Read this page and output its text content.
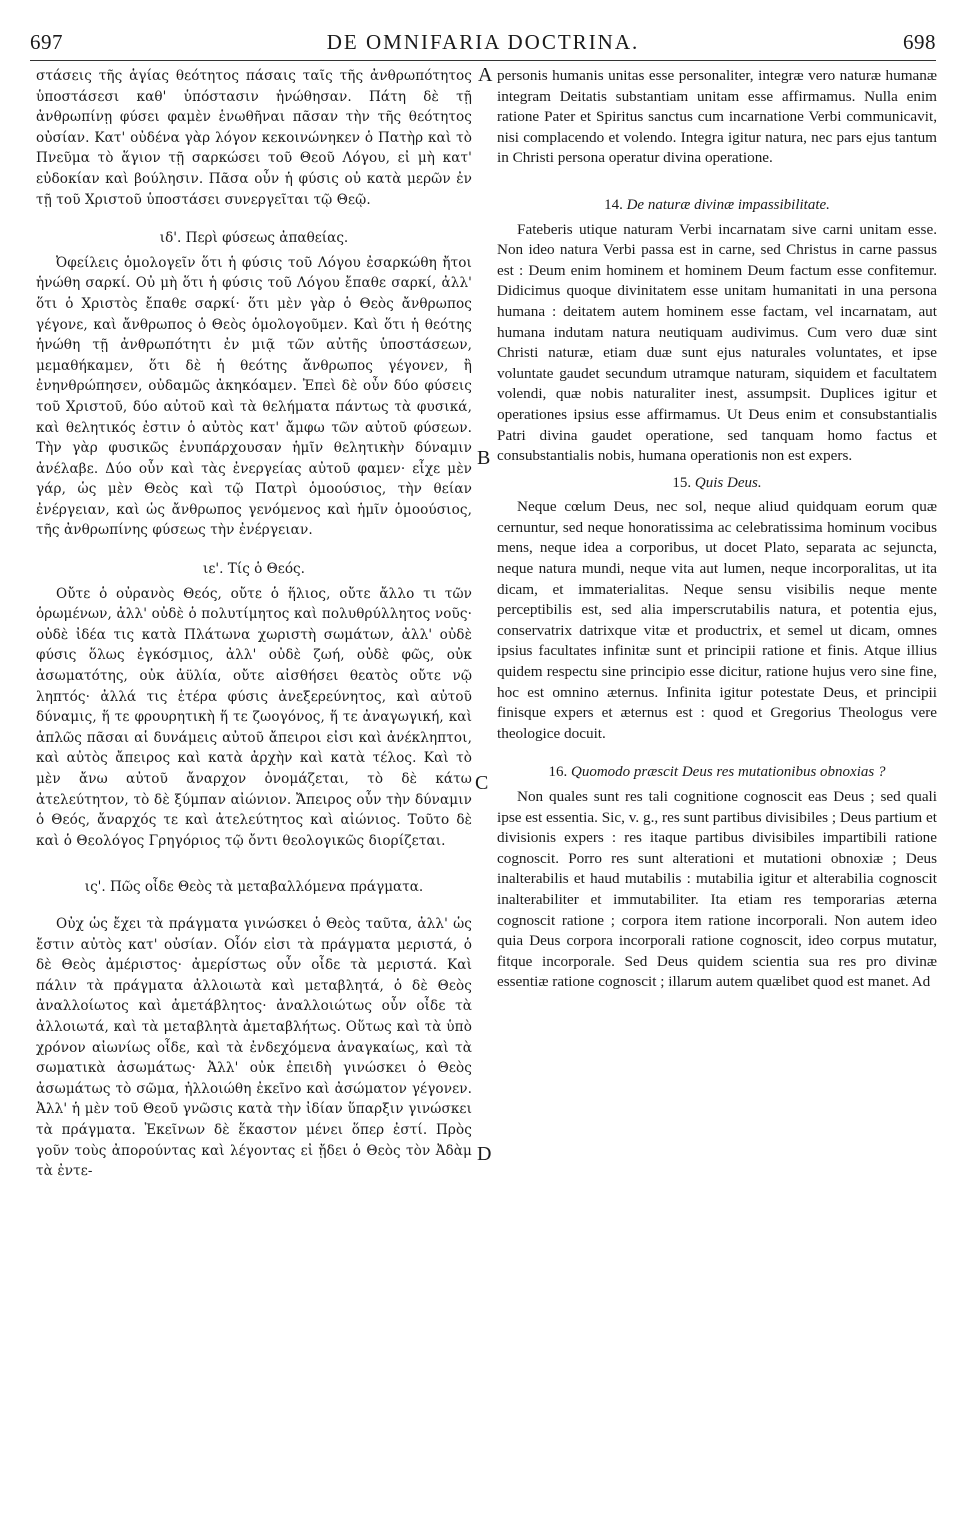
697	DE OMNIFARIA DOCTRINA.	698
A
B
C
D

στάσεις τῆς ἁγίας θεότητος πάσαις ταῖς τῆς ἀνθρωπότητος ὑποστάσεσι καθ' ὑπόστασιν ἡνώθησαν. Πάτη δὲ τῇ ἀνθρωπίνῃ φύσει φαμὲν ἑνωθῆναι πᾶσαν τὴν τῆς θεότητος οὐσίαν. Κατ' οὐδένα γὰρ λόγον κεκοινώνηκεν ὁ Πατὴρ καὶ τὸ Πνεῦμα τὸ ἅγιον τῇ σαρκώσει τοῦ Θεοῦ Λόγου, εἰ μὴ κατ' εὐδοκίαν καὶ βούλησιν. Πᾶσα οὖν ἡ φύσις οὐ κατὰ μερῶν ἐν τῇ τοῦ Χριστοῦ ὑποστάσει συνεργεῖται τῷ Θεῷ.

ιδ'. Περὶ φύσεως ἀπαθείας.

Ὀφείλεις ὁμολογεῖν ὅτι ἡ φύσις τοῦ Λόγου ἐσαρκώθη ἤτοι ἡνώθη σαρκί. Οὐ μὴ ὅτι ἡ φύσις τοῦ Λόγου ἔπαθε σαρκί, ἀλλ' ὅτι ὁ Χριστὸς ἔπαθε σαρκί· ὅτι μὲν γὰρ ὁ Θεὸς ἄνθρωπος γέγονε, καὶ ἄνθρωπος ὁ Θεὸς ὁμολογοῦμεν. Καὶ ὅτι ἡ θεότης ἡνώθη τῇ ἀνθρωπότητι ἐν μιᾷ τῶν αὐτῆς ὑποστάσεων, μεμαθήκαμεν, ὅτι δὲ ἡ θεότης ἄνθρωπος γέγονεν, ἢ ἐνηνθρώπησεν, οὐδαμῶς ἀκηκόαμεν. Ἐπεὶ δὲ οὖν δύο φύσεις τοῦ Χριστοῦ, δύο αὐτοῦ καὶ τὰ θελήματα πάντως τὰ φυσικά, καὶ θελητικός ἐστιν ὁ αὐτὸς κατ' ἄμφω τῶν αὐτοῦ φύσεων. Τὴν γὰρ φυσικῶς ἐνυπάρχουσαν ἡμῖν θελητικὴν δύναμιν ἀνέλαβε. Δύο οὖν καὶ τὰς ἐνεργείας αὐτοῦ φαμεν· εἶχε μὲν γάρ, ὡς μὲν Θεὸς καὶ τῷ Πατρὶ ὁμοούσιος, τὴν θείαν ἐνέργειαν, καὶ ὡς ἄνθρωπος γενόμενος καὶ ἡμῖν ὁμοούσιος, τῆς ἀνθρωπίνης φύσεως τὴν ἐνέργειαν.

ιε'. Τίς ὁ Θεός.

Οὔτε ὁ οὐρανὸς Θεός, οὔτε ὁ ἥλιος, οὔτε ἄλλο τι τῶν ὁρωμένων, ἀλλ' οὐδὲ ὁ πολυτίμητος καὶ πολυθρύλλητος νοῦς· οὐδὲ ἰδέα τις κατὰ Πλάτωνα χωριστὴ σωμάτων, ἀλλ' οὐδὲ φύσις ὅλως ἐγκόσμιος, ἀλλ' οὐδὲ ζωή, οὐδὲ φῶς, οὐκ ἀσωματότης, οὐκ ἀϋλία, οὔτε αἰσθήσει θεατὸς οὔτε νῷ ληπτός· ἀλλά τις ἑτέρα φύσις ἀνεξερεύνητος, καὶ αὐτοῦ δύναμις, ἥ τε φρουρητικὴ ἥ τε ζωογόνος, ἥ τε ἀναγωγική, καὶ ἁπλῶς πᾶσαι αἱ δυνάμεις αὐτοῦ ἄπειροι εἰσι καὶ ἀνέκληπτοι, καὶ αὐτὸς ἄπειρος καὶ κατὰ ἀρχὴν καὶ κατὰ τέλος. Καὶ τὸ μὲν ἄνω αὐτοῦ ἄναρχον ὀνομάζεται, τὸ δὲ κάτω ἀτελεύτητον, τὸ δὲ ξύμπαν αἰώνιον. Ἄπειρος οὖν τὴν δύναμιν ὁ Θεός, ἄναρχός τε καὶ ἀτελεύτητος καὶ αἰώνιος. Τοῦτο δὲ καὶ ὁ Θεολόγος Γρηγόριος τῷ ὄντι θεολογικῶς διορίζεται.

ις'. Πῶς οἶδε Θεὸς τὰ μεταβαλλόμενα πράγματα.

Οὐχ ὡς ἔχει τὰ πράγματα γινώσκει ὁ Θεὸς ταῦτα, ἀλλ' ὡς ἔστιν αὐτὸς κατ' οὐσίαν. Οἷόν εἰσι τὰ πράγματα μεριστά, ὁ δὲ Θεὸς ἀμέριστος· ἀμερίστως οὖν οἶδε τὰ μεριστά. Καὶ πάλιν τὰ πράγματα ἀλλοιωτὰ καὶ μεταβλητά, ὁ δὲ Θεὸς ἀναλλοίωτος καὶ ἀμετάβλητος· ἀναλλοιώτως οὖν οἶδε τὰ ἀλλοιωτά, καὶ τὰ μεταβλητὰ ἀμεταβλήτως. Οὕτως καὶ τὰ ὑπὸ χρόνον αἰωνίως οἶδε, καὶ τὰ ἐνδεχόμενα ἀναγκαίως, καὶ τὰ σωματικὰ ἀσωμάτως· Ἀλλ' οὐκ ἐπειδὴ γινώσκει ὁ Θεὸς ἀσωμάτως τὸ σῶμα, ἠλλοιώθη ἐκεῖνο καὶ ἀσώματον γέγονεν. Ἀλλ' ἡ μὲν τοῦ Θεοῦ γνῶσις κατὰ τὴν ἰδίαν ὕπαρξιν γινώσκει τὰ πράγματα. Ἐκεῖνων δὲ ἕκαστον μένει ὅπερ ἐστί. Πρὸς γοῦν τοὺς ἀπορούντας καὶ λέγοντας εἰ ᾔδει ὁ Θεὸς τὸν Ἀδὰμ τὰ ἐντε-

personis humanis unitas esse personaliter, integræ vero naturæ humanæ integram Deitatis substantiam unitam esse affirmamus. Nulla enim ratione Pater et Spiritus sanctus cum incarnatione Verbi communicavit, nisi complacendo et volendo. Integra igitur natura, nec pars ejus tantum in Christi persona operatur divina operatione.

14. De naturæ divinæ impassibilitate.

Fateberis utique naturam Verbi incarnatam sive carni unitam esse. Non ideo natura Verbi passa est in carne, sed Christus in carne passus est : Deum enim hominem et hominem Deum factum esse confitemur. Didicimus quoque divinitatem esse unitam humanitati in una persona humana : deitatem autem hominem esse factam, vel incarnatam, aut humana indutam natura neutiquam audivimus. Cum vero duæ sint Christi naturæ, etiam duæ sunt ejus naturales voluntates, et ipse voluntate gaudet secundum utramque naturam, siquidem et facultatem volendi, quæ nobis naturaliter inest, assumpsit. Duplices igitur et operationes ipsius esse affirmamus. Ut Deus enim et consubstantialis Patri divina gaudet operatione, sed tanquam homo factus et consubstantialis nobis, humana operationis non est expers.

15. Quis Deus.

Neque cœlum Deus, nec sol, neque aliud quidquam eorum quæ cernuntur, sed neque honoratissima ac celebratissima hominum vocibus mens, neque idea a corporibus, ut docet Plato, separata ac sejuncta, neque natura mundi, neque vita aut lumen, neque incorporalitas, ut ita dicam, et immaterialitas. Neque sensu visibilis neque mente perceptibilis est, sed alia imperscrutabilis natura, et potentia ejus, conservatrix datrixque vitæ et productrix, et semel ut dicam, omnes ipsius facultates infinitæ sunt et principii ratione et finis. Atque illius quidem respectu sine principio esse dicitur, ratione hujus vero sine fine, hoc est omnino æternus. Infinita igitur potestate Deus, et principii finisque expers et æternus est : quod et Gregorius Theologus vere theologice docuit.

16. Quomodo præscit Deus res mutationibus obnoxias ?

Non quales sunt res tali cognitione cognoscit eas Deus ; sed quali ipse est essentia. Sic, v. g., res sunt partibus divisibiles ; Deus partium et divisionis expers : res itaque partibus divisibiles impartibili ratione cognoscit. Porro res sunt alterationi et mutationi obnoxiæ ; Deus inalterabilis et haud mutabilis : mutabilia igitur et alterabilia cognoscit inalterabiliter et immutabiliter. Ita etiam res temporarias æterna cognoscit ratione ; corpora item ratione incorporali. Non autem ideo quia Deus corpora incorporali ratione cognoscit, ideo corpus mutatur, fitque incorporale. Sed Deus quidem scientia sua res pro divinæ essentiæ ratione cognoscit ; illarum autem quælibet quod est manet. Ad
